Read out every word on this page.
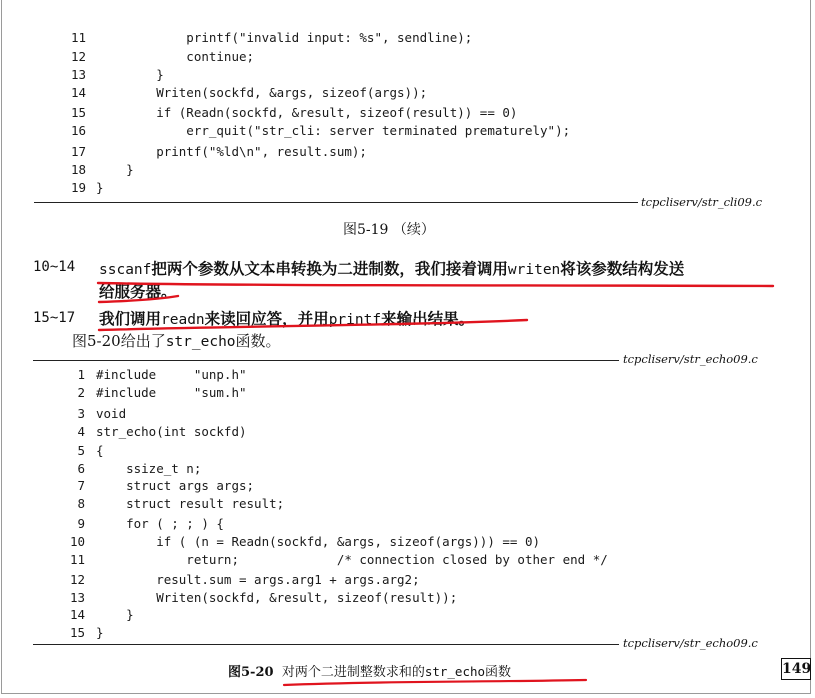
11 printf("invalid input: %s", sendline);
12 continue;
13 }
14 Writen(sockfd, &args, sizeof(args));
15 if (Readn(sockfd, &result, sizeof(result)) == 0)
16 err_quit("str_cli: server terminated prematurely");
17 printf("%ld\n", result.sum);
18 }
19 }
tcpcliserv/str_cli09.c
图5-19 （续）
10~14 sscanf把两个参数从文本串转换为二进制数，我们接着调用writen将该参数结构发送
给服务器。
15~17 我们调用readn来读回应答，并用printf来输出结果。
图5-20给出了str_echo函数。
tcpcliserv/str_echo09.c
1 #include     "unp.h"
2 #include     "sum.h"
3 void
4 str_echo(int sockfd)
5 {
6 ssize_t n;
7 struct args args;
8 struct result result;
9 for ( ; ; ) {
10 if ( (n = Readn(sockfd, &args, sizeof(args))) == 0)
11 return;             /* connection closed by other end */
12 result.sum = args.arg1 + args.arg2;
13 Writen(sockfd, &result, sizeof(result));
14 }
15 }
tcpcliserv/str_echo09.c
图5-20 对两个二进制整数求和的str_echo函数	149
